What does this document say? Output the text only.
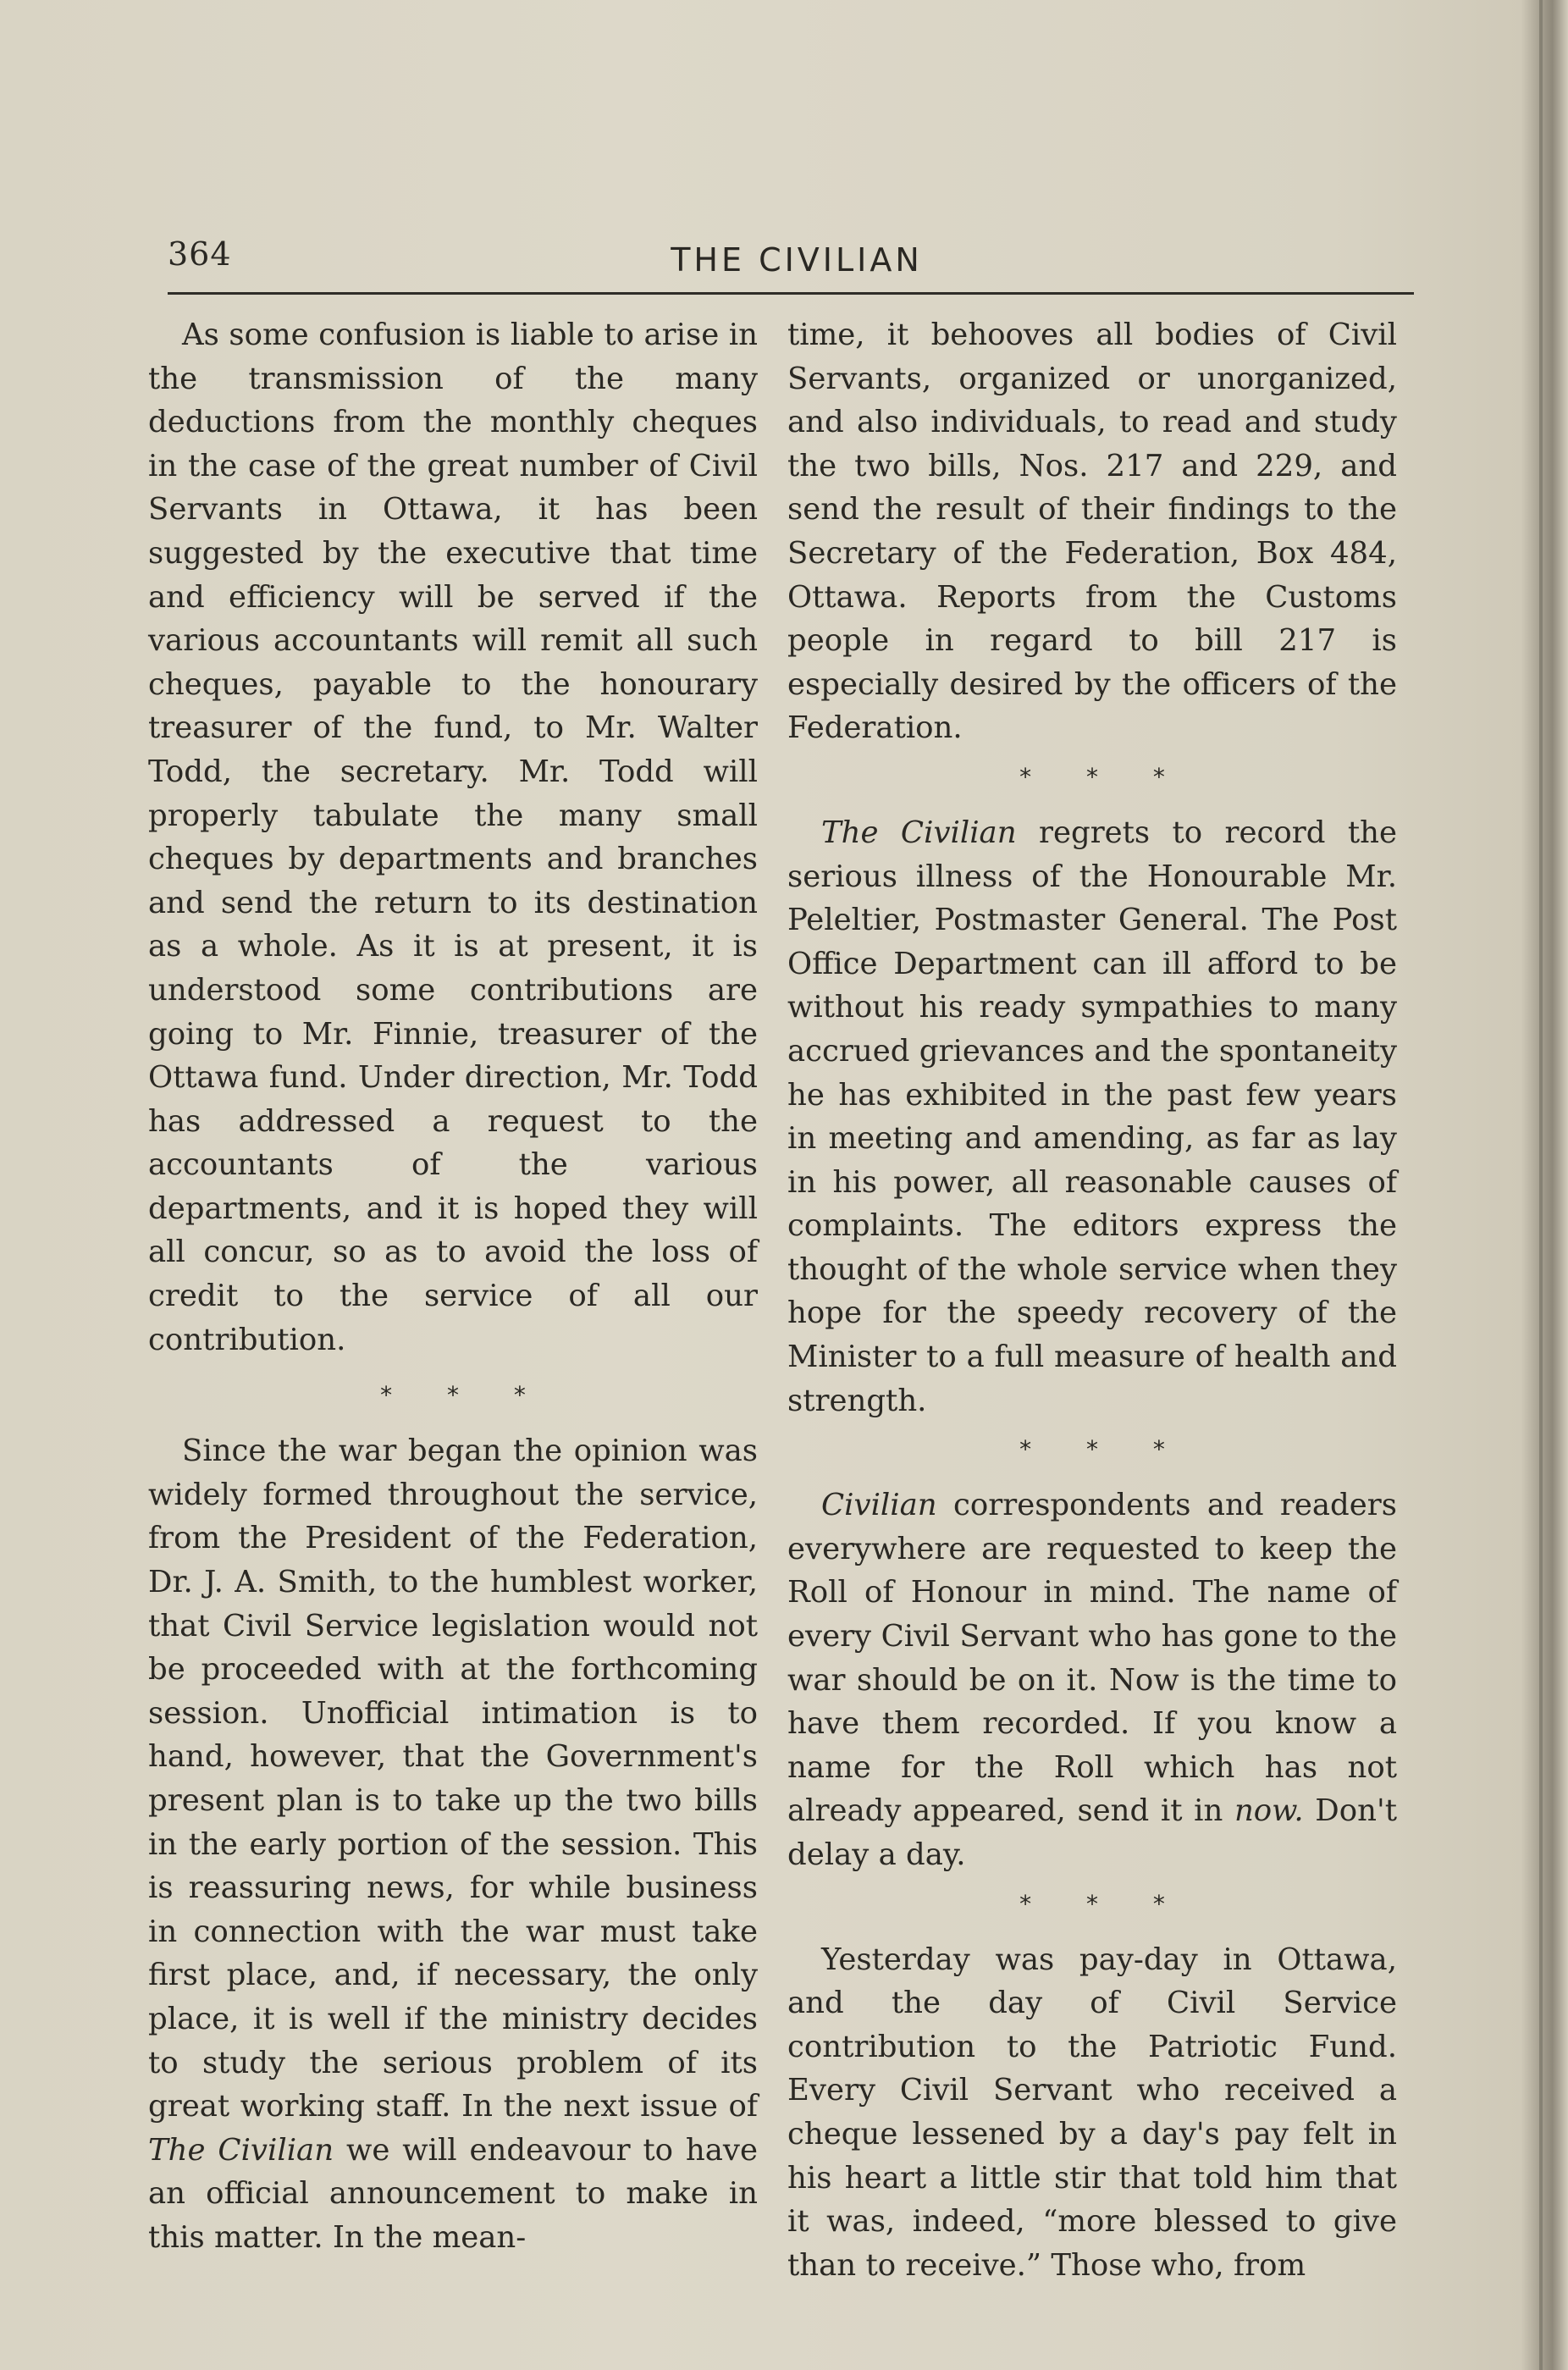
364	THE CIVILIAN

As some confusion is liable to arise in the transmission of the many deductions from the monthly cheques in the case of the great number of Civil Servants in Ottawa, it has been suggested by the executive that time and efficiency will be served if the various accountants will remit all such cheques, payable to the honourary treasurer of the fund, to Mr. Walter Todd, the secretary. Mr. Todd will properly tabulate the many small cheques by departments and branches and send the return to its destination as a whole. As it is at present, it is understood some contributions are going to Mr. Finnie, treasurer of the Ottawa fund. Under direction, Mr. Todd has addressed a request to the accountants of the various departments, and it is hoped they will all concur, so as to avoid the loss of credit to the service of all our contribution.

* * *

Since the war began the opinion was widely formed throughout the service, from the President of the Federation, Dr. J. A. Smith, to the humblest worker, that Civil Service legislation would not be proceeded with at the forthcoming session. Unofficial intimation is to hand, however, that the Government's present plan is to take up the two bills in the early portion of the session. This is reassuring news, for while business in connection with the war must take first place, and, if necessary, the only place, it is well if the ministry decides to study the serious problem of its great working staff. In the next issue of The Civilian we will endeavour to have an official announcement to make in this matter. In the mean-

time, it behooves all bodies of Civil Servants, organized or unorganized, and also individuals, to read and study the two bills, Nos. 217 and 229, and send the result of their findings to the Secretary of the Federation, Box 484, Ottawa. Reports from the Customs people in regard to bill 217 is especially desired by the officers of the Federation.

* * *

The Civilian regrets to record the serious illness of the Honourable Mr. Peleltier, Postmaster General. The Post Office Department can ill afford to be without his ready sympathies to many accrued grievances and the spontaneity he has exhibited in the past few years in meeting and amending, as far as lay in his power, all reasonable causes of complaints. The editors express the thought of the whole service when they hope for the speedy recovery of the Minister to a full measure of health and strength.

* * *

Civilian correspondents and readers everywhere are requested to keep the Roll of Honour in mind. The name of every Civil Servant who has gone to the war should be on it. Now is the time to have them recorded. If you know a name for the Roll which has not already appeared, send it in now. Don't delay a day.

* * *

Yesterday was pay-day in Ottawa, and the day of Civil Service contribution to the Patriotic Fund. Every Civil Servant who received a cheque lessened by a day's pay felt in his heart a little stir that told him that it was, indeed, “more blessed to give than to receive.” Those who, from
